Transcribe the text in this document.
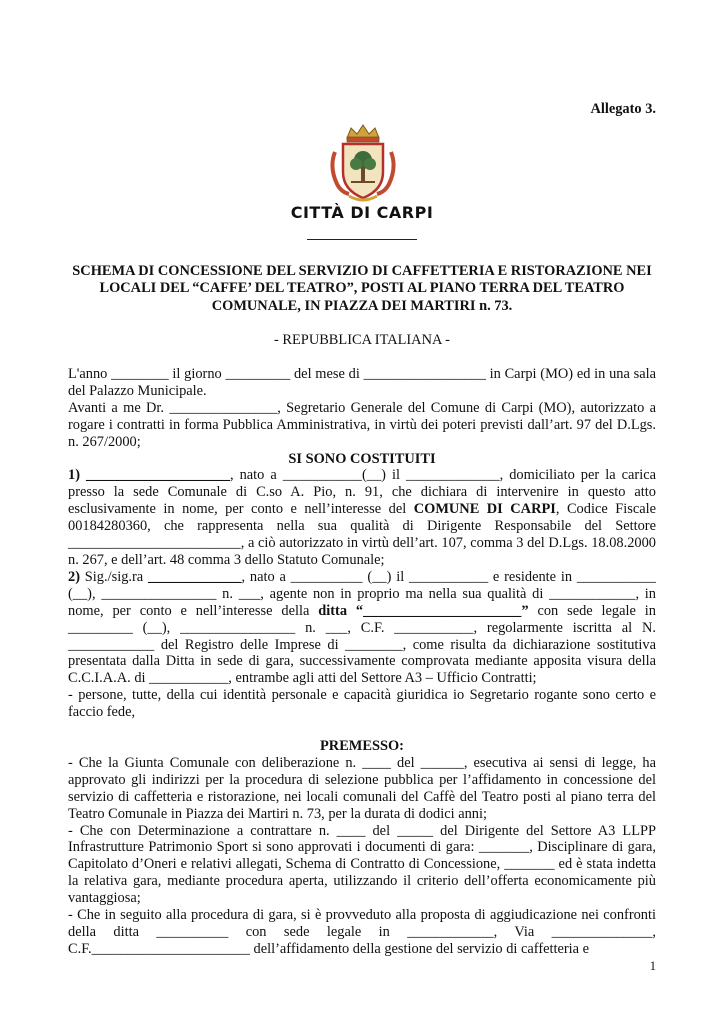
Allegato 3.
CITTÀ DI CARPI
SCHEMA DI CONCESSIONE DEL SERVIZIO DI CAFFETTERIA E RISTORAZIONE NEI LOCALI DEL “CAFFE’ DEL TEATRO”, POSTI AL PIANO TERRA DEL TEATRO COMUNALE, IN PIAZZA DEI MARTIRI n. 73.
- REPUBBLICA ITALIANA -

L'anno ________ il giorno _________ del mese di _________________ in Carpi (MO) ed in una sala del Palazzo Municipale.

Avanti a me Dr. _______________, Segretario Generale del Comune di Carpi (MO), autorizzato a rogare i contratti in forma Pubblica Amministrativa, in virtù dei poteri previsti dall’art. 97 del D.Lgs. n. 267/2000;

SI SONO COSTITUITI

1) ____________________, nato a ___________(__) il _____________, domiciliato per la carica presso la sede Comunale di C.so A. Pio, n. 91, che dichiara di intervenire in questo atto esclusivamente in nome, per conto e nell’interesse del COMUNE DI CARPI, Codice Fiscale 00184280360, che rappresenta nella sua qualità di Dirigente Responsabile del Settore ________________________, a ciò autorizzato in virtù dell’art. 107, comma 3 del D.Lgs. 18.08.2000 n. 267, e dell’art. 48 comma 3 dello Statuto Comunale;

2) Sig./sig.ra _____________, nato a __________ (__) il ___________ e residente in ___________ (__), ________________ n. ___, agente non in proprio ma nella sua qualità di ____________, in nome, per conto e nell’interesse della ditta “______________________” con sede legale in _________ (__), ________________ n. ___, C.F. ___________, regolarmente iscritta al N. ____________ del Registro delle Imprese di ________, come risulta da dichiarazione sostitutiva presentata dalla Ditta in sede di gara, successivamente comprovata mediante apposita visura della C.C.I.A.A. di ___________, entrambe agli atti del Settore A3 – Ufficio Contratti;

- persone, tutte, della cui identità personale e capacità giuridica io Segretario rogante sono certo e faccio fede,

PREMESSO:

- Che la Giunta Comunale con deliberazione n. ____ del ______, esecutiva ai sensi di legge, ha approvato gli indirizzi per la procedura di selezione pubblica per l’affidamento in concessione del servizio di caffetteria e ristorazione, nei locali comunali del Caffè del Teatro posti al piano terra del Teatro Comunale in Piazza dei Martiri n. 73, per la durata di dodici anni;

- Che con Determinazione a contrattare n. ____ del _____ del Dirigente del Settore A3 LLPP Infrastrutture Patrimonio Sport si sono approvati i documenti di gara: _______, Disciplinare di gara, Capitolato d’Oneri e relativi allegati, Schema di Contratto di Concessione, _______ ed è stata indetta la relativa gara, mediante procedura aperta, utilizzando il criterio dell’offerta economicamente più vantaggiosa;

- Che in seguito alla procedura di gara, si è provveduto alla proposta di aggiudicazione nei confronti della ditta __________ con sede legale in ____________, Via ______________, C.F.______________________ dell’affidamento della gestione del servizio di caffetteria e

1
